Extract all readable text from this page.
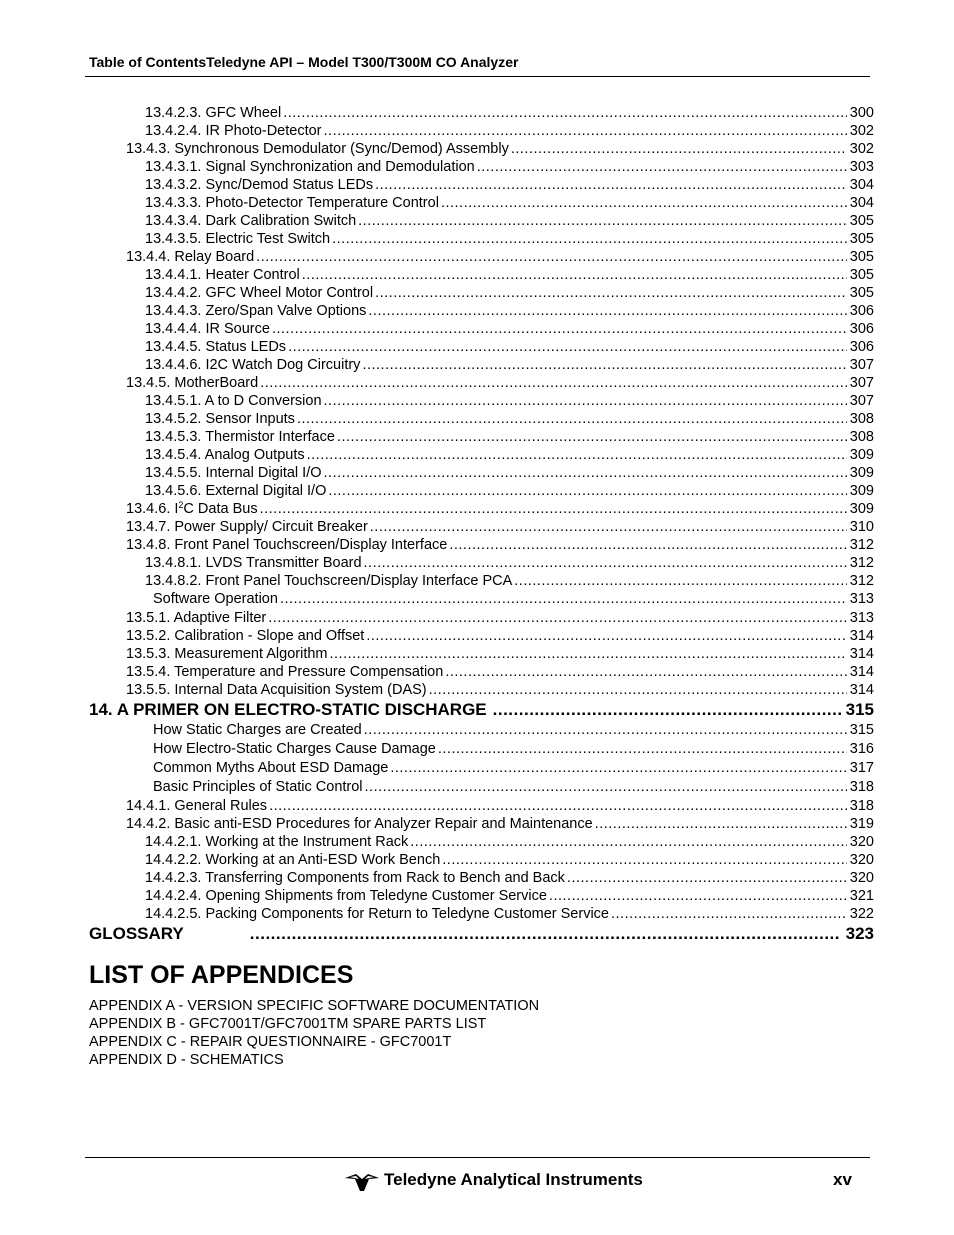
Table of ContentsTeledyne API – Model T300/T300M CO Analyzer
13.4.2.3. GFC Wheel .....	300
13.4.2.4. IR Photo-Detector .....	302
13.4.3. Synchronous Demodulator (Sync/Demod) Assembly .....	302
13.4.3.1. Signal Synchronization and Demodulation .....	303
13.4.3.2. Sync/Demod Status LEDs .....	304
13.4.3.3. Photo-Detector Temperature Control .....	304
13.4.3.4. Dark Calibration Switch .....	305
13.4.3.5. Electric Test Switch .....	305
13.4.4. Relay Board .....	305
13.4.4.1. Heater Control .....	305
13.4.4.2. GFC Wheel Motor Control .....	305
13.4.4.3. Zero/Span Valve Options .....	306
13.4.4.4. IR Source .....	306
13.4.4.5. Status LEDs .....	306
13.4.4.6. I2C Watch Dog Circuitry .....	307
13.4.5. MotherBoard .....	307
13.4.5.1. A to D Conversion .....	307
13.4.5.2. Sensor Inputs .....	308
13.4.5.3. Thermistor Interface .....	308
13.4.5.4. Analog Outputs .....	309
13.4.5.5. Internal Digital I/O .....	309
13.4.5.6. External Digital I/O .....	309
13.4.6. $I^2C$ Data Bus .....	309
13.4.7. Power Supply/ Circuit Breaker .....	310
13.4.8. Front Panel Touchscreen/Display Interface .....	312
13.4.8.1. LVDS Transmitter Board .....	312
13.4.8.2. Front Panel Touchscreen/Display Interface PCA .....	312
Software Operation .....	313
13.5.1. Adaptive Filter .....	313
13.5.2. Calibration - Slope and Offset .....	314
13.5.3. Measurement Algorithm .....	314
13.5.4. Temperature and Pressure Compensation .....	314
13.5.5. Internal Data Acquisition System (DAS) .....	314
14. A PRIMER ON ELECTRO-STATIC DISCHARGE .....	315
How Static Charges are Created .....	315
How Electro-Static Charges Cause Damage .....	316
Common Myths About ESD Damage .....	317
Basic Principles of Static Control .....	318
14.4.1. General Rules .....	318
14.4.2. Basic anti-ESD Procedures for Analyzer Repair and Maintenance .....	319
14.4.2.1. Working at the Instrument Rack .....	320
14.4.2.2. Working at an Anti-ESD Work Bench .....	320
14.4.2.3. Transferring Components from Rack to Bench and Back .....	320
14.4.2.4. Opening Shipments from Teledyne Customer Service .....	321
14.4.2.5. Packing Components for Return to Teledyne Customer Service .....	322
GLOSSARY .....	323
LIST OF APPENDICES
APPENDIX A - VERSION SPECIFIC SOFTWARE DOCUMENTATION
APPENDIX B - GFC7001T/GFC7001TM SPARE PARTS LIST
APPENDIX C - REPAIR QUESTIONNAIRE - GFC7001T
APPENDIX D - SCHEMATICS
Teledyne Analytical Instruments	xv
